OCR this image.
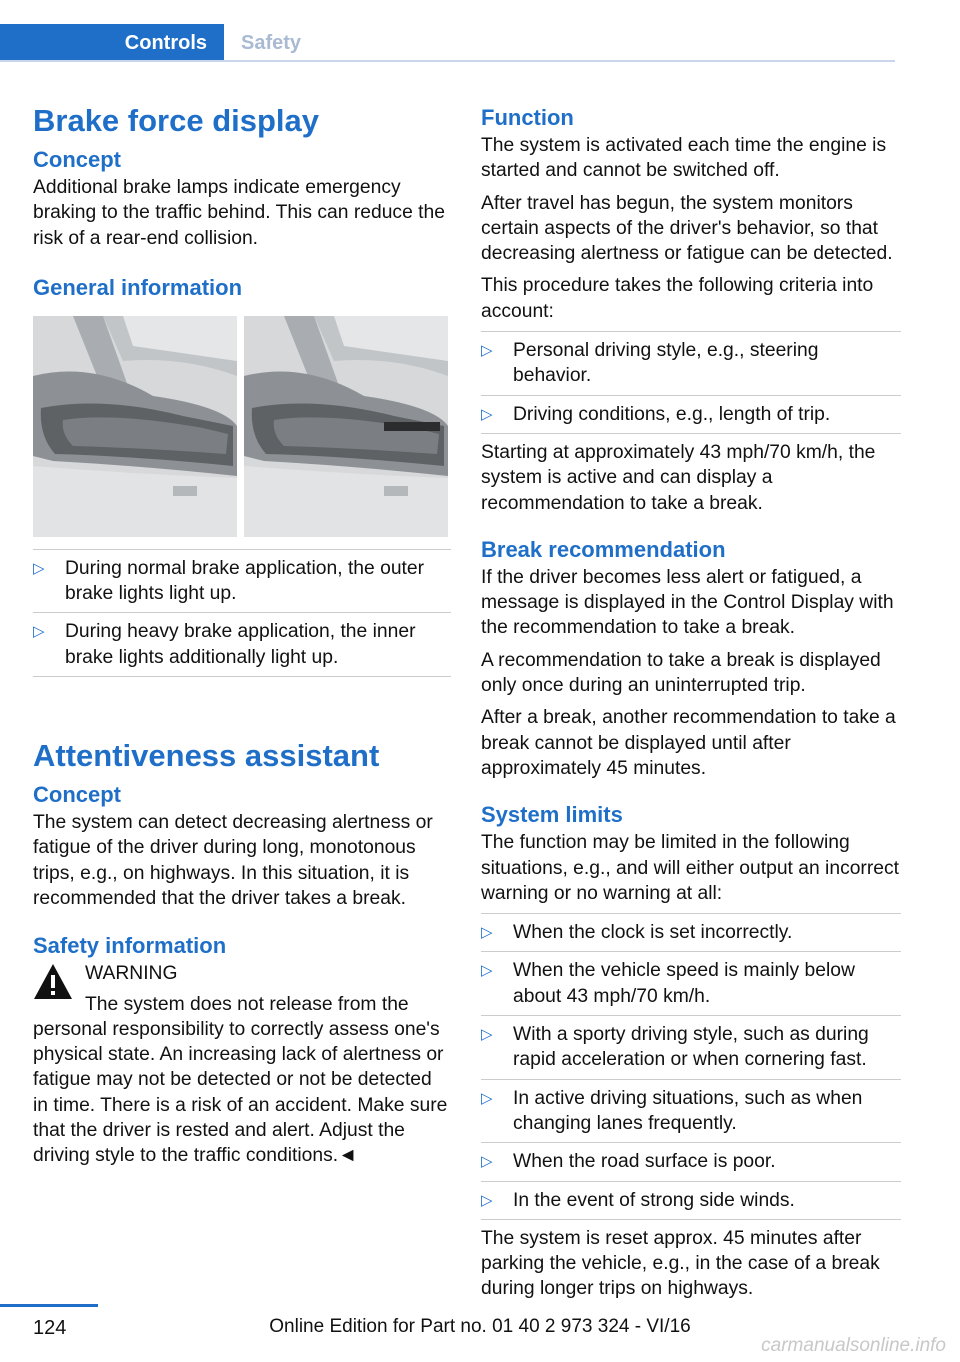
Controls	Safety
Brake force display
Concept

Additional brake lamps indicate emergency braking to the traffic behind. This can reduce the risk of a rear-end collision.

General information
▷ During normal brake application, the outer brake lights light up.
▷ During heavy brake application, the inner brake lights additionally light up.
Attentiveness assistant
Concept

The system can detect decreasing alertness or fatigue of the driver during long, monotonous trips, e.g., on highways. In this situation, it is recommended that the driver takes a break.

Safety information

WARNING

The system does not release from the personal responsibility to correctly assess one's physical state. An increasing lack of alertness or fatigue may not be detected or not be detected in time. There is a risk of an accident. Make sure that the driver is rested and alert. Adjust the driving style to the traffic conditions.◄

Function

The system is activated each time the engine is started and cannot be switched off.

After travel has begun, the system monitors certain aspects of the driver's behavior, so that decreasing alertness or fatigue can be detected.

This procedure takes the following criteria into account:

▷ Personal driving style, e.g., steering behavior.
▷ Driving conditions, e.g., length of trip.

Starting at approximately 43 mph/70 km/h, the system is active and can display a recommendation to take a break.

Break recommendation

If the driver becomes less alert or fatigued, a message is displayed in the Control Display with the recommendation to take a break.

A recommendation to take a break is displayed only once during an uninterrupted trip.

After a break, another recommendation to take a break cannot be displayed until after approximately 45 minutes.

System limits

The function may be limited in the following situations, e.g., and will either output an incorrect warning or no warning at all:

▷ When the clock is set incorrectly.
▷ When the vehicle speed is mainly below about 43 mph/70 km/h.
▷ With a sporty driving style, such as during rapid acceleration or when cornering fast.
▷ In active driving situations, such as when changing lanes frequently.
▷ When the road surface is poor.
▷ In the event of strong side winds.

The system is reset approx. 45 minutes after parking the vehicle, e.g., in the case of a break during longer trips on highways.

124	Online Edition for Part no. 01 40 2 973 324 - VI/16
carmanualsonline.info
